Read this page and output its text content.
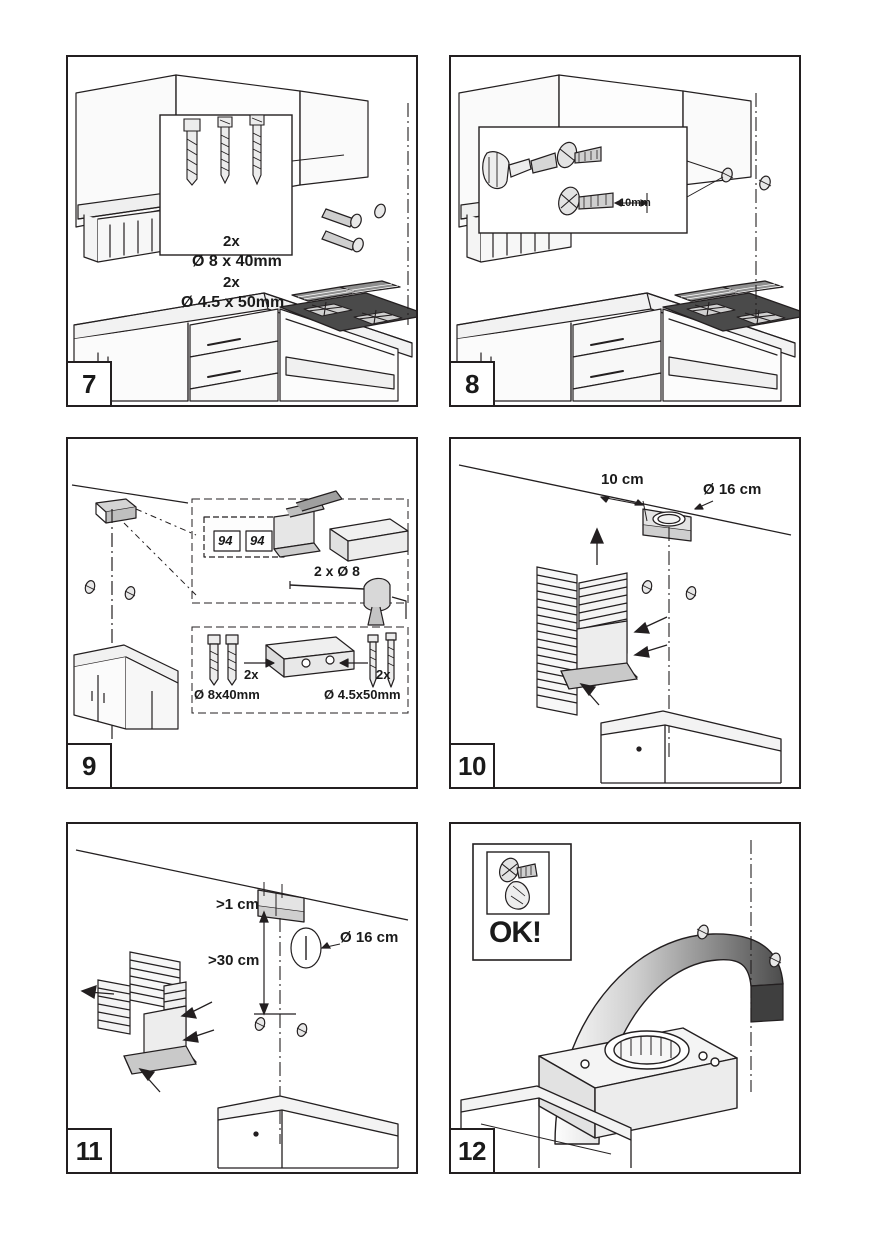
2x
Ø 8 x 40mm
2x
Ø 4.5 x 50mm
7
10mm
8
94 94
2 x Ø 8
2x
Ø 8x40mm
2x
Ø 4.5x50mm
9
10 cm
Ø 16 cm
10
>1 cm
Ø 16 cm
>30 cm
11
OK!
12
